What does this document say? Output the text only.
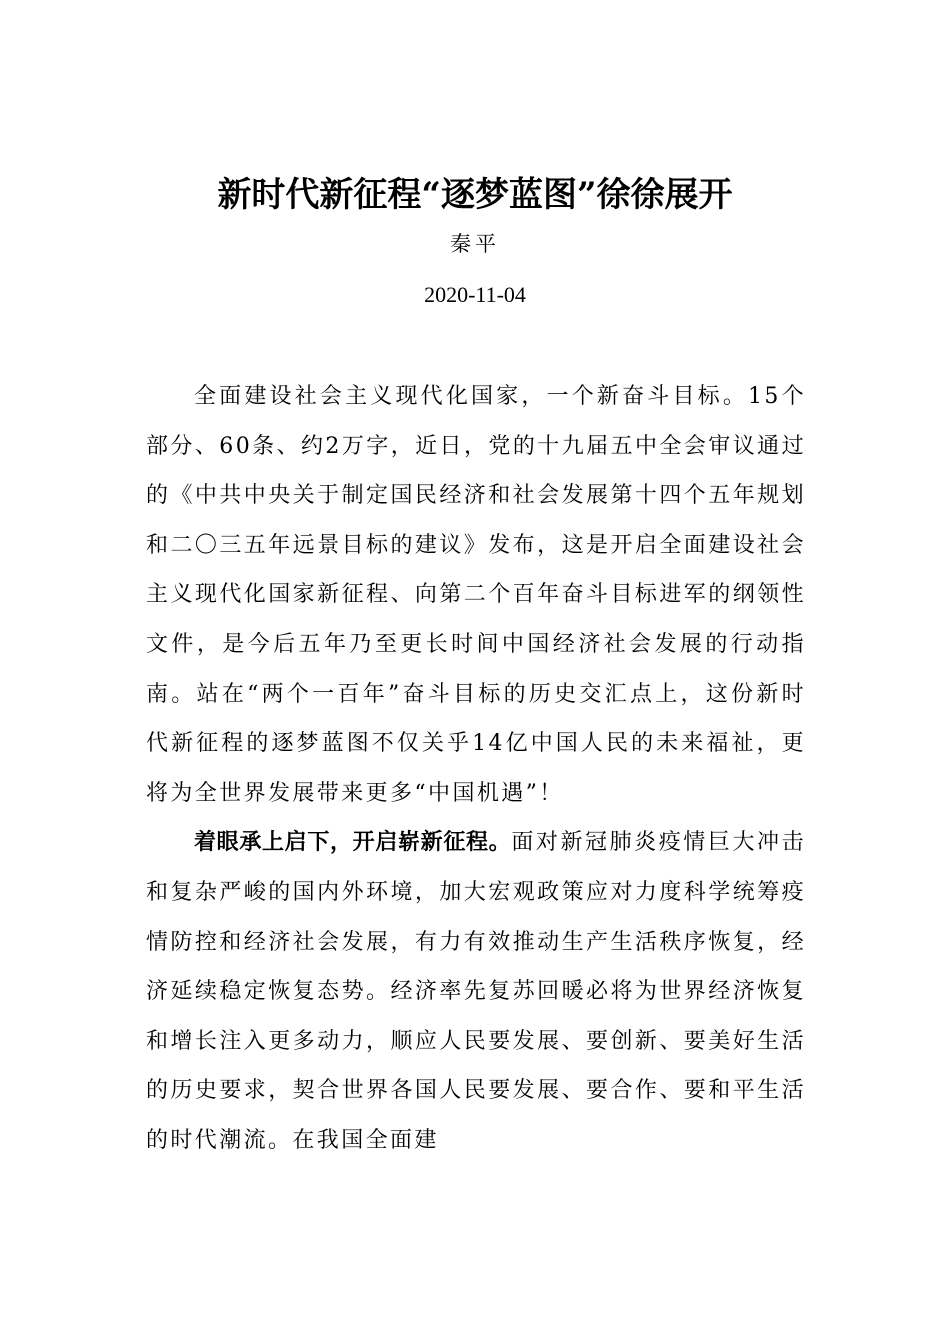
新时代新征程“逐梦蓝图”徐徐展开
秦平
2020-11-04

全面建设社会主义现代化国家，一个新奋斗目标。15个部分、60条、约2万字，近日，党的十九届五中全会审议通过的《中共中央关于制定国民经济和社会发展第十四个五年规划和二〇三五年远景目标的建议》发布，这是开启全面建设社会主义现代化国家新征程、向第二个百年奋斗目标进军的纲领性文件，是今后五年乃至更长时间中国经济社会发展的行动指南。站在“两个一百年”奋斗目标的历史交汇点上，这份新时代新征程的逐梦蓝图不仅关乎14亿中国人民的未来福祉，更将为全世界发展带来更多“中国机遇”！

着眼承上启下，开启崭新征程。面对新冠肺炎疫情巨大冲击和复杂严峻的国内外环境，加大宏观政策应对力度科学统筹疫情防控和经济社会发展，有力有效推动生产生活秩序恢复，经济延续稳定恢复态势。经济率先复苏回暖必将为世界经济恢复和增长注入更多动力，顺应人民要发展、要创新、要美好生活的历史要求，契合世界各国人民要发展、要合作、要和平生活的时代潮流。在我国全面建
